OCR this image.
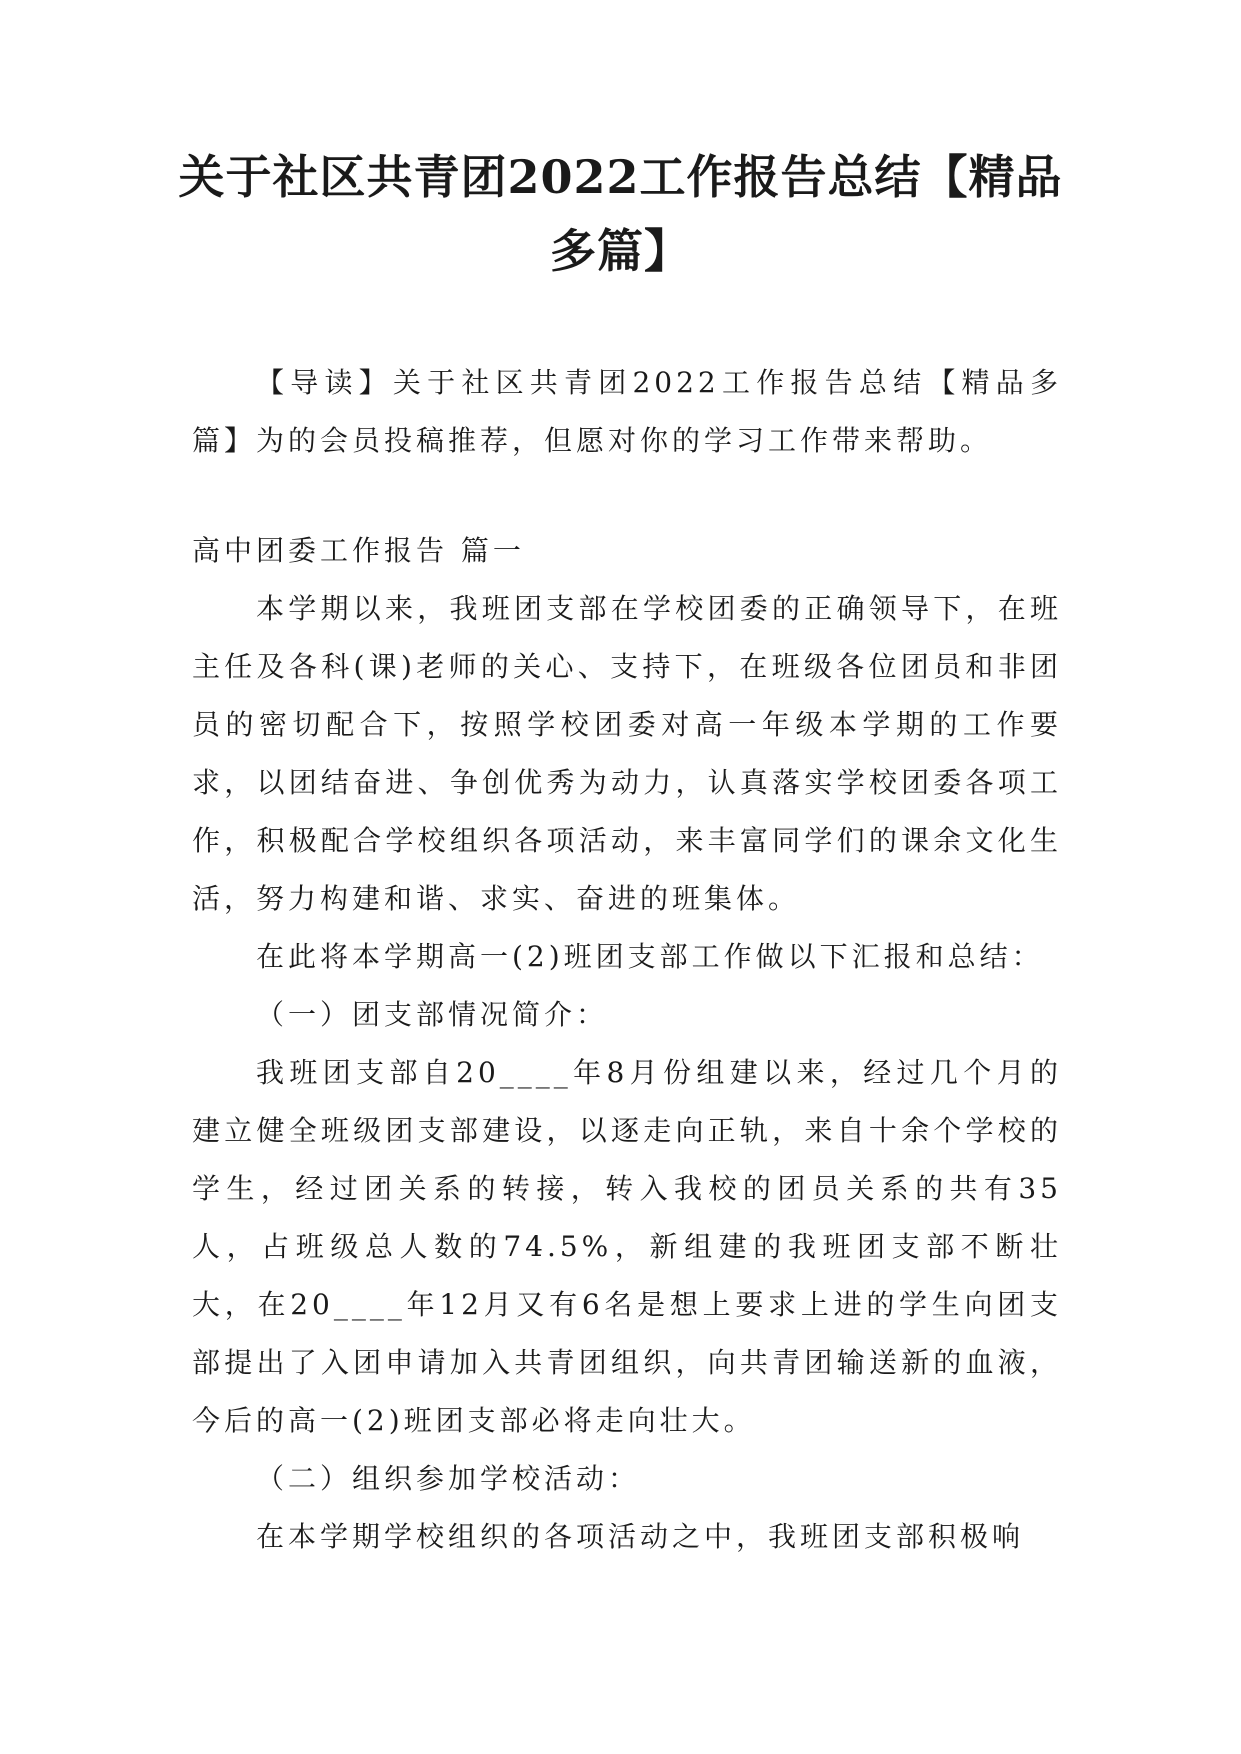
关于社区共青团2022工作报告总结【精品
多篇】

【导读】关于社区共青团2022工作报告总结【精品多篇】为的会员投稿推荐，但愿对你的学习工作带来帮助。

高中团委工作报告 篇一

本学期以来，我班团支部在学校团委的正确领导下，在班主任及各科(课)老师的关心、支持下，在班级各位团员和非团员的密切配合下，按照学校团委对高一年级本学期的工作要求，以团结奋进、争创优秀为动力，认真落实学校团委各项工作，积极配合学校组织各项活动，来丰富同学们的课余文化生活，努力构建和谐、求实、奋进的班集体。

在此将本学期高一(2)班团支部工作做以下汇报和总结：

（一）团支部情况简介：

我班团支部自20____年8月份组建以来，经过几个月的建立健全班级团支部建设，以逐走向正轨，来自十余个学校的学生，经过团关系的转接，转入我校的团员关系的共有35人，占班级总人数的74.5%，新组建的我班团支部不断壮大，在20____年12月又有6名是想上要求上进的学生向团支部提出了入团申请加入共青团组织，向共青团输送新的血液，今后的高一(2)班团支部必将走向壮大。

（二）组织参加学校活动：

在本学期学校组织的各项活动之中，我班团支部积极响
